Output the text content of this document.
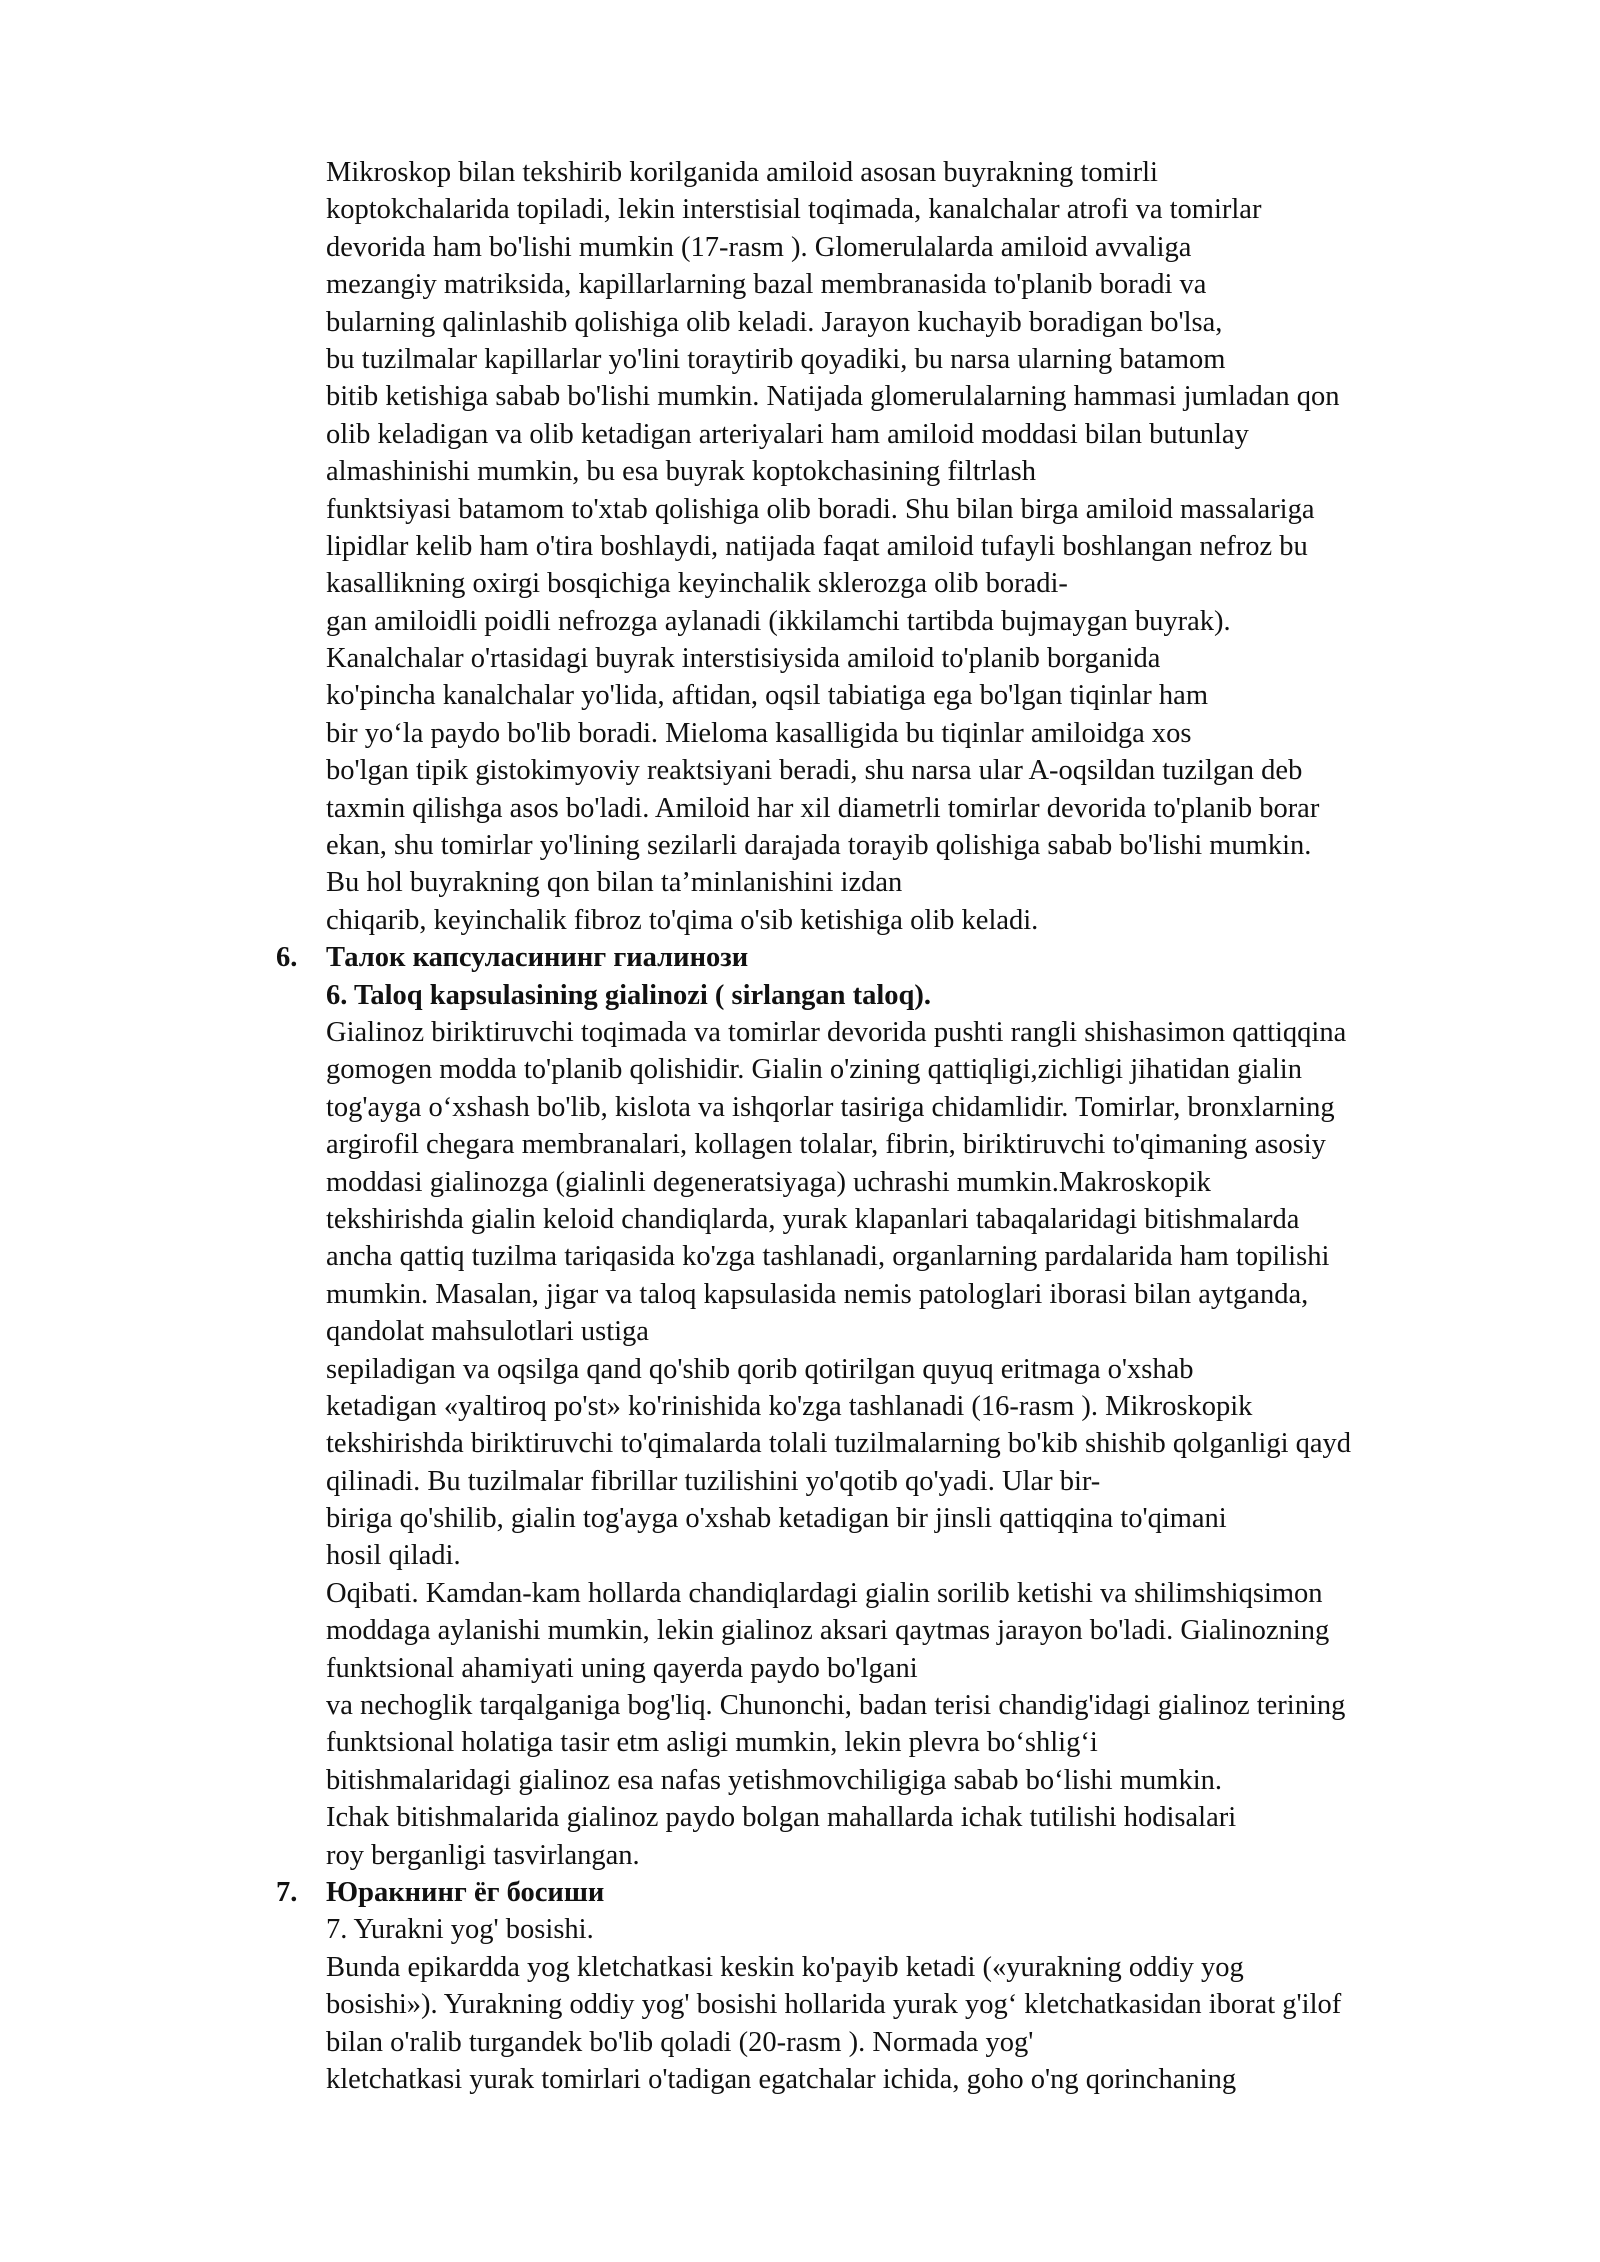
Mikroskop bilan tekshirib korilganida amiloid asosan buyrakning tomirli
koptokchalarida topiladi, lekin interstisial toqimada, kanalchalar atrofi va tomirlar
devorida ham bo'lishi mumkin (17-rasm ). Glomerulalarda amiloid avvaliga
mezangiy matriksida, kapillarlarning bazal membranasida to'planib boradi va
bularning qalinlashib qolishiga olib keladi. Jarayon kuchayib boradigan bo'lsa,
bu tuzilmalar kapillarlar yo'lini toraytirib qoyadiki, bu narsa ularning batamom
bitib ketishiga sabab bo'lishi mumkin. Natijada glomerulalarning hammasi jumladan qon
olib keladigan va olib ketadigan arteriyalari ham amiloid moddasi bilan butunlay
almashinishi mumkin, bu esa buyrak koptokchasining filtrlash
funktsiyasi batamom to'xtab qolishiga olib boradi. Shu bilan birga amiloid massalariga
lipidlar kelib ham o'tira boshlaydi, natijada faqat amiloid tufayli boshlangan nefroz bu
kasallikning oxirgi bosqichiga keyinchalik sklerozga olib boradi-
gan amiloidli poidli nefrozga aylanadi (ikkilamchi tartibda bujmaygan buyrak).
Kanalchalar o'rtasidagi buyrak interstisiysida amiloid to'planib borganida
ko'pincha kanalchalar yo'lida, aftidan, oqsil tabiatiga ega bo'lgan tiqinlar ham
bir yo‘la paydo bo'lib boradi. Mieloma kasalligida bu tiqinlar amiloidga xos
bo'lgan tipik gistokimyoviy reaktsiyani beradi, shu narsa ular A-oqsildan tuzilgan deb
taxmin qilishga asos bo'ladi. Amiloid har xil diametrli tomirlar devorida to'planib borar
ekan, shu tomirlar yo'lining sezilarli darajada torayib qolishiga sabab bo'lishi mumkin.
Bu hol buyrakning qon bilan ta’minlanishini izdan
chiqarib, keyinchalik fibroz to'qima o'sib ketishiga olib keladi.
6. Талок капсуласининг гиалинози
6. Taloq kapsulasining gialinozi ( sirlangan taloq).
Gialinoz biriktiruvchi toqimada va tomirlar devorida pushti rangli shishasimon qattiqqina
gomogen modda to'planib qolishidir. Gialin o'zining qattiqligi,zichligi jihatidan gialin
tog'ayga o‘xshash bo'lib, kislota va ishqorlar tasiriga chidamlidir. Tomirlar, bronxlarning
argirofil chegara membranalari, kollagen tolalar, fibrin, biriktiruvchi to'qimaning asosiy
moddasi gialinozga (gialinli degeneratsiyaga) uchrashi mumkin.Makroskopik
tekshirishda gialin keloid chandiqlarda, yurak klapanlari tabaqalaridagi bitishmalarda
ancha qattiq tuzilma tariqasida ko'zga tashlanadi, organlarning pardalarida ham topilishi
mumkin. Masalan, jigar va taloq kapsulasida nemis patologlari iborasi bilan aytganda,
qandolat mahsulotlari ustiga
sepiladigan va oqsilga qand qo'shib qorib qotirilgan quyuq eritmaga o'xshab
ketadigan «yaltiroq po'st» ko'rinishida ko'zga tashlanadi (16-rasm ). Mikroskopik
tekshirishda biriktiruvchi to'qimalarda tolali tuzilmalarning bo'kib shishib qolganligi qayd
qilinadi. Bu tuzilmalar fibrillar tuzilishini yo'qotib qo'yadi. Ular bir-
biriga qo'shilib, gialin tog'ayga o'xshab ketadigan bir jinsli qattiqqina to'qimani
hosil qiladi.
Oqibati. Kamdan-kam hollarda chandiqlardagi gialin sorilib ketishi va shilimshiqsimon
moddaga aylanishi mumkin, lekin gialinoz aksari qaytmas jarayon bo'ladi. Gialinozning
funktsional ahamiyati uning qayerda paydo bo'lgani
va nechoglik tarqalganiga bog'liq. Chunonchi, badan terisi chandig'idagi gialinoz terining
funktsional holatiga tasir etm asligi mumkin, lekin plevra bo‘shlig‘i
bitishmalaridagi gialinoz esa nafas yetishmovchiligiga sabab bo‘lishi mumkin.
Ichak bitishmalarida gialinoz paydo bolgan mahallarda ichak tutilishi hodisalari
roy berganligi tasvirlangan.
7. Юракнинг ёг босиши
7. Yurakni yog' bosishi.
Bunda epikardda yog kletchatkasi keskin ko'payib ketadi («yurakning oddiy yog
bosishi»). Yurakning oddiy yog' bosishi hollarida yurak yog‘ kletchatkasidan iborat g'ilof
bilan o'ralib turgandek bo'lib qoladi (20-rasm ). Normada yog'
kletchatkasi yurak tomirlari o'tadigan egatchalar ichida, goho o'ng qorinchaning
